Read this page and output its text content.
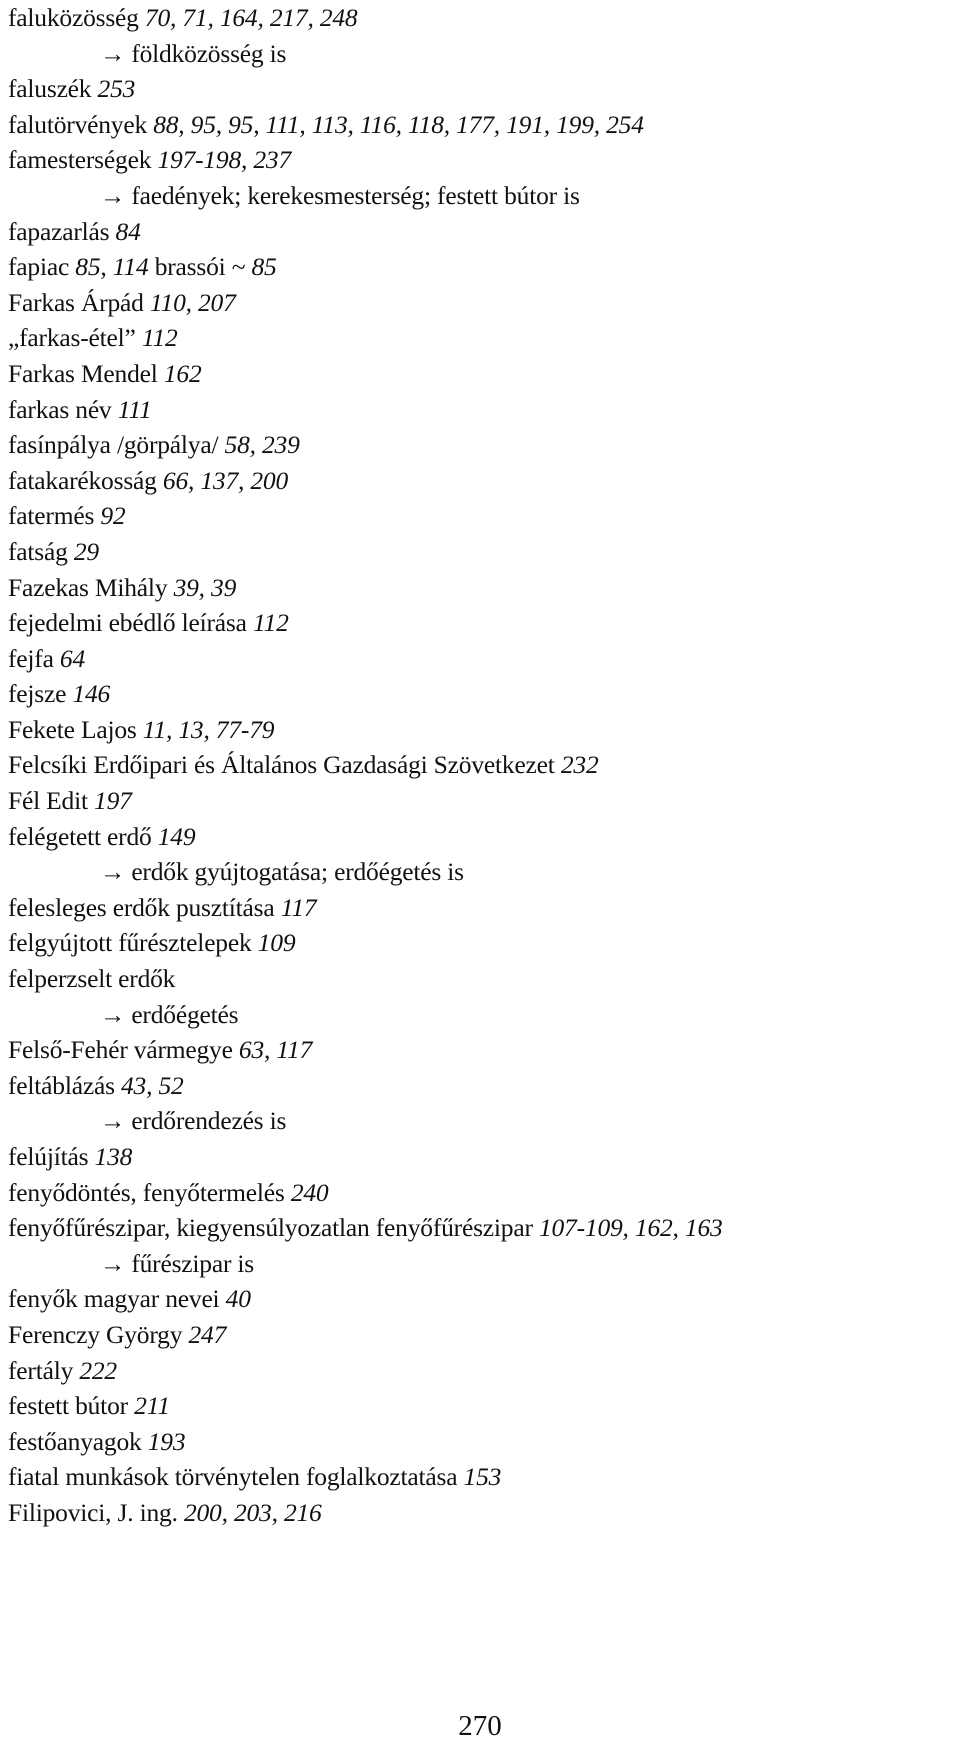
faluközösség 70, 71, 164, 217, 248
→ földközösség is
faluszék 253
falutörvények 88, 95, 95, 111, 113, 116, 118, 177, 191, 199, 254
famesterségek 197-198, 237
→ faedények; kerekesmesterség; festett bútor is
fapazarlás 84
fapiac 85, 114 brassói ~ 85
Farkas Árpád 110, 207
„farkas-étel” 112
Farkas Mendel 162
farkas név 111
fasínpálya /görpálya/ 58, 239
fatakarékosság 66, 137, 200
fatermés 92
fatság 29
Fazekas Mihály 39, 39
fejedelmi ebédlő leírása 112
fejfa 64
fejsze 146
Fekete Lajos 11, 13, 77-79
Felcsíki Erdőipari és Általános Gazdasági Szövetkezet 232
Fél Edit 197
felégetett erdő 149
→ erdők gyújtogatása; erdőégetés is
felesleges erdők pusztítása 117
felgyújtott fűrésztelepek 109
felperzselt erdők
→ erdőégetés
Felső-Fehér vármegye 63, 117
feltáblázás 43, 52
→ erdőrendezés is
felújítás 138
fenyődöntés, fenyőtermelés 240
fenyőfűrészipar, kiegyensúlyozatlan fenyőfűrészipar 107-109, 162, 163
→ fűrészipar is
fenyők magyar nevei 40
Ferenczy György 247
fertály 222
festett bútor 211
festőanyagok 193
fiatal munkások törvénytelen foglalkoztatása 153
Filipovici, J. ing. 200, 203, 216
270
